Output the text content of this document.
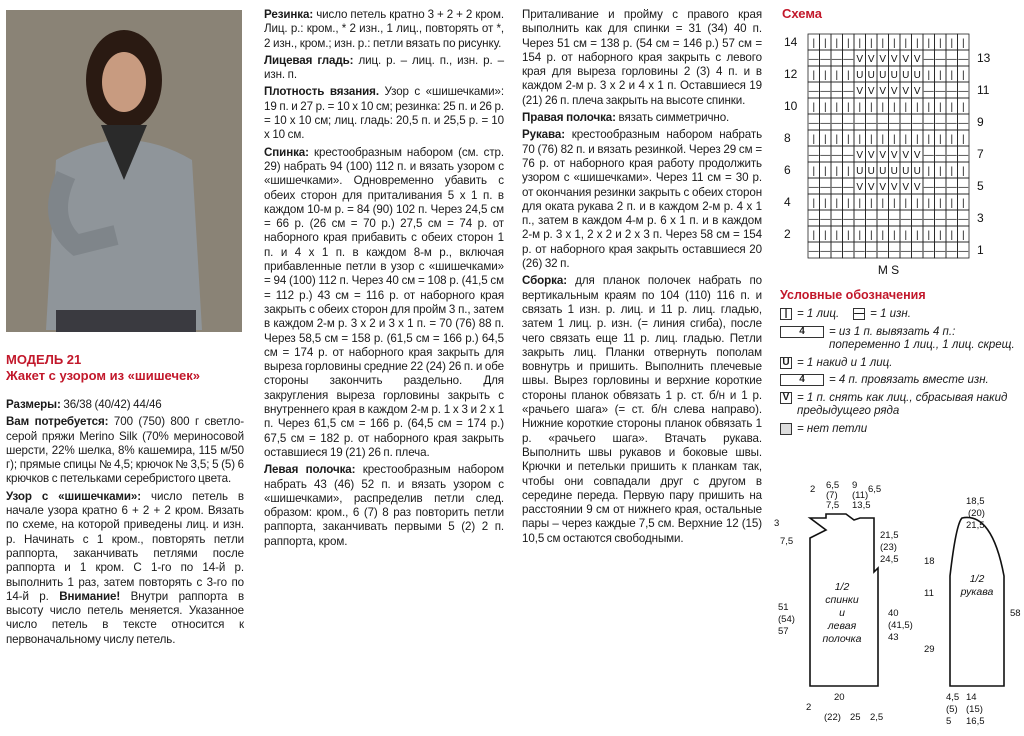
МОДЕЛЬ 21
Жакет с узором из «шишечек»

Размеры: 36/38 (40/42) 44/46

Вам потребуется: 700 (750) 800 г светло-серой пряжи Merino Silk (70% мериносовой шерсти, 22% шелка, 8% кашемира, 115 м/50 г); прямые спицы № 4,5; крючок № 3,5; 5 (5) 6 крючков с петельками серебристого цвета.

Узор с «шишечками»: число петель в начале узора кратно 6 + 2 + 2 кром. Вязать по схеме, на которой приведены лиц. и изн. р. Начинать с 1 кром., повторять петли раппорта, заканчивать петлями после раппорта и 1 кром. С 1-го по 14-й р. выполнить 1 раз, затем повторять с 3-го по 14-й р. Внимание! Внутри раппорта в высоту число петель меняется. Указанное число петель в тексте относится к первоначальному числу петель.

Резинка: число петель кратно 3 + 2 + 2 кром. Лиц. р.: кром., * 2 изн., 1 лиц., повторять от *, 2 изн., кром.; изн. р.: петли вязать по рисунку.

Лицевая гладь: лиц. р. – лиц. п., изн. р. – изн. п.

Плотность вязания. Узор с «шишечками»: 19 п. и 27 р. = 10 х 10 см; резинка: 25 п. и 26 р. = 10 х 10 см; лиц. гладь: 20,5 п. и 25,5 р. = 10 х 10 см.

Спинка: крестообразным набором (см. стр. 29) набрать 94 (100) 112 п. и вязать узором с «шишечками». Одновременно убавить с обеих сторон для приталивания 5 х 1 п. в каждом 10-м р. = 84 (90) 102 п. Через 24,5 см = 66 р. (26 см = 70 р.) 27,5 см = 74 р. от наборного края прибавить с обеих сторон 1 п. и 4 х 1 п. в каждом 8-м р., включая прибавленные петли в узор с «шишечками» = 94 (100) 112 п. Через 40 см = 108 р. (41,5 см = 112 р.) 43 см = 116 р. от наборного края закрыть с обеих сторон для пройм 3 п., затем в каждом 2-м р. 3 х 2 и 3 х 1 п. = 70 (76) 88 п. Через 58,5 см = 158 р. (61,5 см = 166 р.) 64,5 см = 174 р. от наборного края закрыть для выреза горловины средние 22 (24) 26 п. и обе стороны закончить раздельно. Для закругления выреза горловины закрыть с внутреннего края в каждом 2-м р. 1 х 3 и 2 х 1 п. Через 61,5 см = 166 р. (64,5 см = 174 р.) 67,5 см = 182 р. от наборного края закрыть оставшиеся 19 (21) 26 п. плеча.

Левая полочка: крестообразным набором набрать 43 (46) 52 п. и вязать узором с «шишечками», распределив петли след. образом: кром., 6 (7) 8 раз повторить петли раппорта, заканчивать первыми 5 (2) 2 п. раппорта, кром.

Приталивание и пройму с правого края выполнить как для спинки = 31 (34) 40 п. Через 51 см = 138 р. (54 см = 146 р.) 57 см = 154 р. от наборного края закрыть с левого края для выреза горловины 2 (3) 4 п. и в каждом 2-м р. 3 х 2 и 4 х 1 п. Оставшиеся 19 (21) 26 п. плеча закрыть на высоте спинки.

Правая полочка: вязать симметрично.

Рукава: крестообразным набором набрать 70 (76) 82 п. и вязать резинкой. Через 29 см = 76 р. от наборного края работу продолжить узором с «шишечками». Через 11 см = 30 р. от окончания резинки закрыть с обеих сторон для оката рукава 2 п. и в каждом 2-м р. 4 х 1 п., затем в каждом 4-м р. 6 х 1 п. и в каждом 2-м р. 3 х 1, 2 х 2 и 2 х 3 п. Через 58 см = 154 р. от наборного края закрыть оставшиеся 20 (26) 32 п.

Сборка: для планок полочек набрать по вертикальным краям по 104 (110) 116 п. и связать 1 изн. р. лиц. и 11 р. лиц. гладью, затем 1 лиц. р. изн. (= линия сгиба), после чего связать еще 11 р. лиц. гладью. Петли закрыть лиц. Планки отвернуть пополам вовнутрь и пришить. Выполнить плечевые швы. Вырез горловины и верхние короткие стороны планок обвязать 1 р. ст. б/н и 1 р. «рачьего шага» (= ст. б/н слева направо). Нижние короткие стороны планок обвязать 1 р. «рачьего шага». Втачать рукава. Выполнить швы рукавов и боковые швы. Крючки и петельки пришить к планкам так, чтобы они совпадали друг с другом в середине переда. Первую пару пришить на расстоянии 9 см от нижнего края, остальные пары – через каждые 7,5 см. Верхние 12 (15) 10,5 см остаются свободными.

Схема
| | | | | | | | | | | | | |
— — — — V V V V V V — — — —
| | | | U U U U U U | | | |
— — — — V V V V V V — — — —
| | | | | | | | | | | | | |
— — — — — — — — — — — — — —
| | | | | | | | | | | | | |
— — — — V V V V V V — — — —
| | | | U U U U U U | | | |
— — — — V V V V V V — — — —
| | | | | | | | | | | | | |
— — — — — — — — — — — — — —
| | | | | | | | | | | | | |
— — — — — — — — — — — — — —
14
12
10
8
6
4
2
13
11
9
7
5
3
1
М S
Условные обозначения
| = 1 лиц. — = 1 изн.
4	= из 1 п. вывязать 4 п.: попеременно 1 лиц., 1 лиц. скрещ.
U = 1 накид и 1 лиц.
4	= 4 п. провязать вместе изн.
V = 1 п. снять как лиц., сбрасывая накид предыдущего ряда
= нет петли
2 6,5
(7)
7,5
9
(11)
13,5
6,5
3
7,5
51
(54)
57
21,5
(23)
24,5
40
(41,5)
43
2
20
(22) 25 2,5
18,5
(20)
21,5
18
11
29
58
4,5
(5)
5
14
(15)
16,5
1/2
спинки
и
левая
полочка
1/2
рукава
